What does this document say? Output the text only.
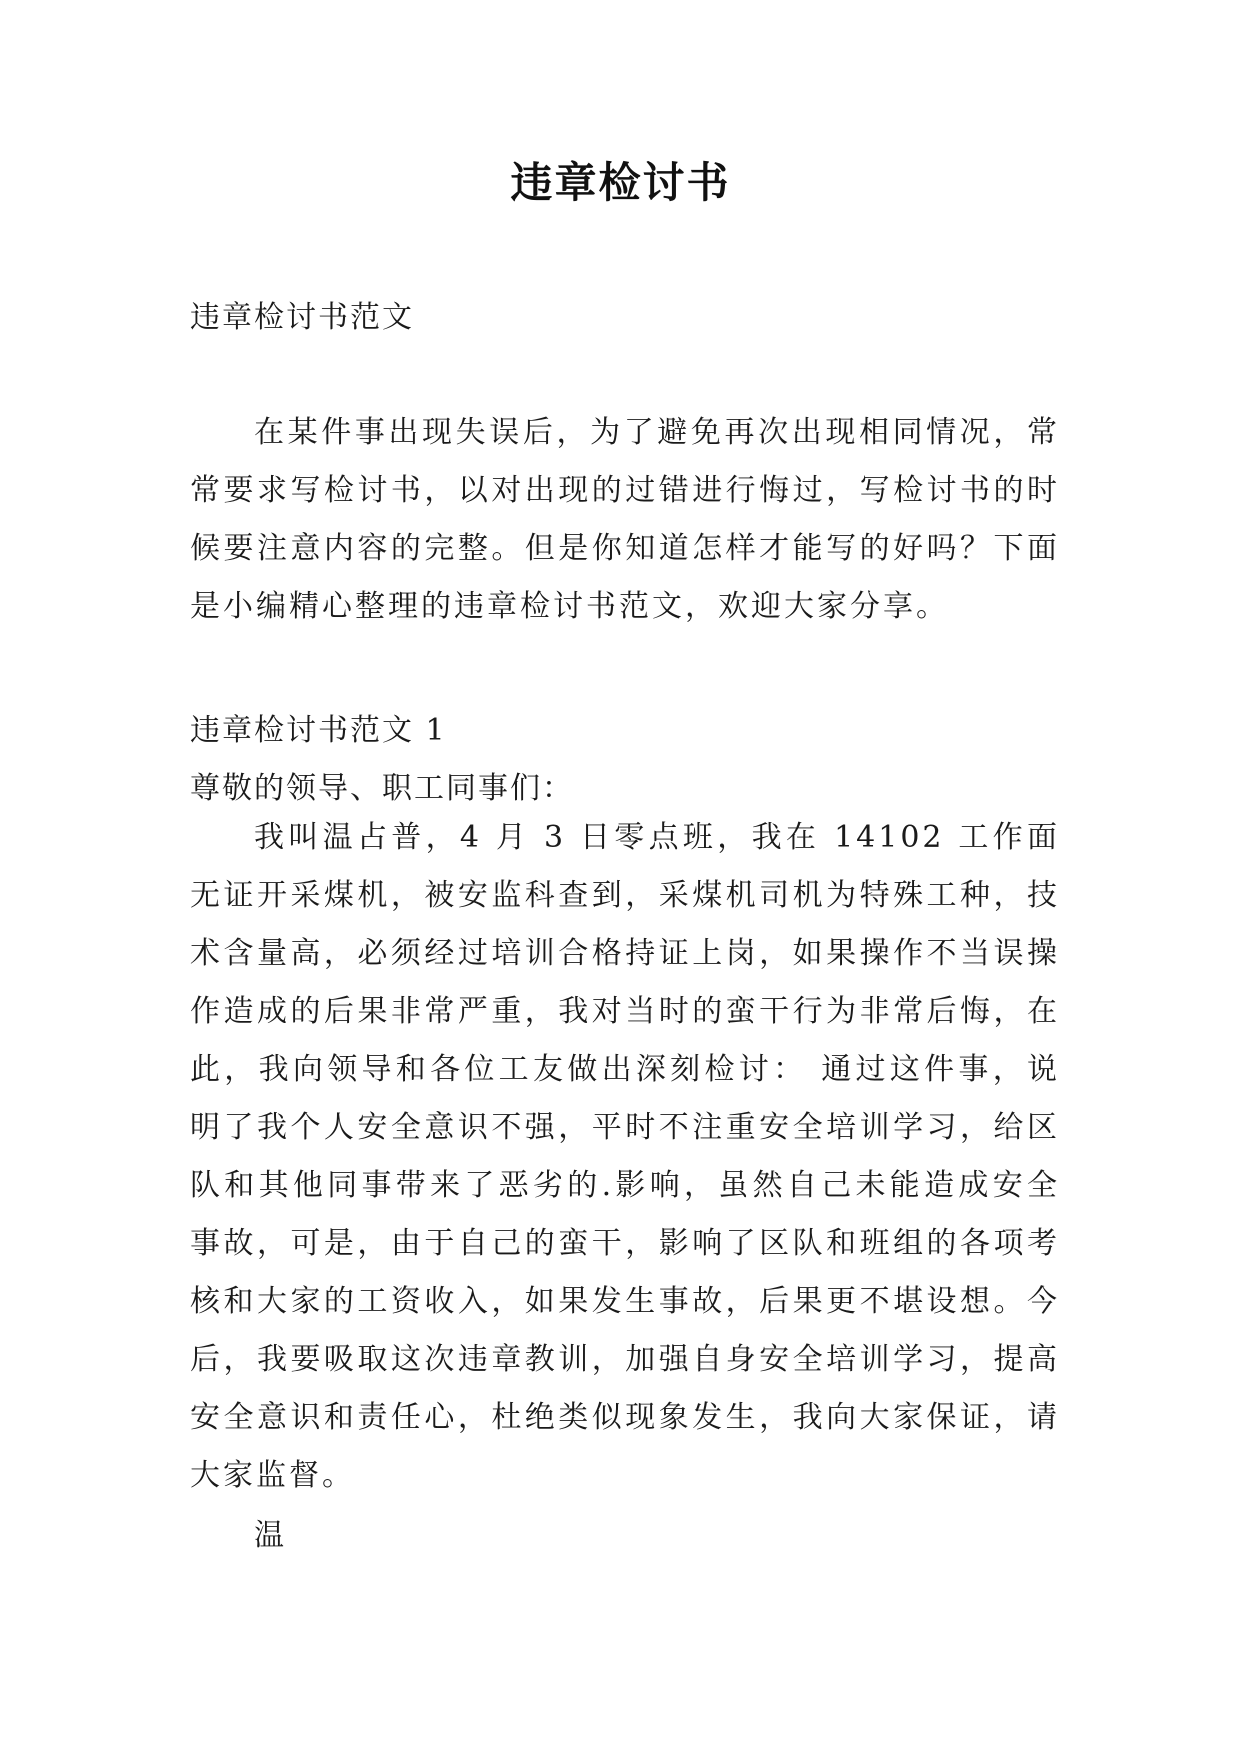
违章检讨书
违章检讨书范文

在某件事出现失误后，为了避免再次出现相同情况，常常要求写检讨书，以对出现的过错进行悔过，写检讨书的时候要注意内容的完整。但是你知道怎样才能写的好吗？下面是小编精心整理的违章检讨书范文，欢迎大家分享。

违章检讨书范文 1
尊敬的领导、职工同事们：

我叫温占普，4 月 3 日零点班，我在 14102 工作面无证开采煤机，被安监科查到，采煤机司机为特殊工种，技术含量高，必须经过培训合格持证上岗，如果操作不当误操作造成的后果非常严重，我对当时的蛮干行为非常后悔，在此，我向领导和各位工友做出深刻检讨： 通过这件事，说明了我个人安全意识不强，平时不注重安全培训学习，给区队和其他同事带来了恶劣的.影响，虽然自己未能造成安全事故，可是，由于自己的蛮干，影响了区队和班组的各项考核和大家的工资收入，如果发生事故，后果更不堪设想。今后，我要吸取这次违章教训，加强自身安全培训学习，提高安全意识和责任心，杜绝类似现象发生，我向大家保证，请大家监督。

温
